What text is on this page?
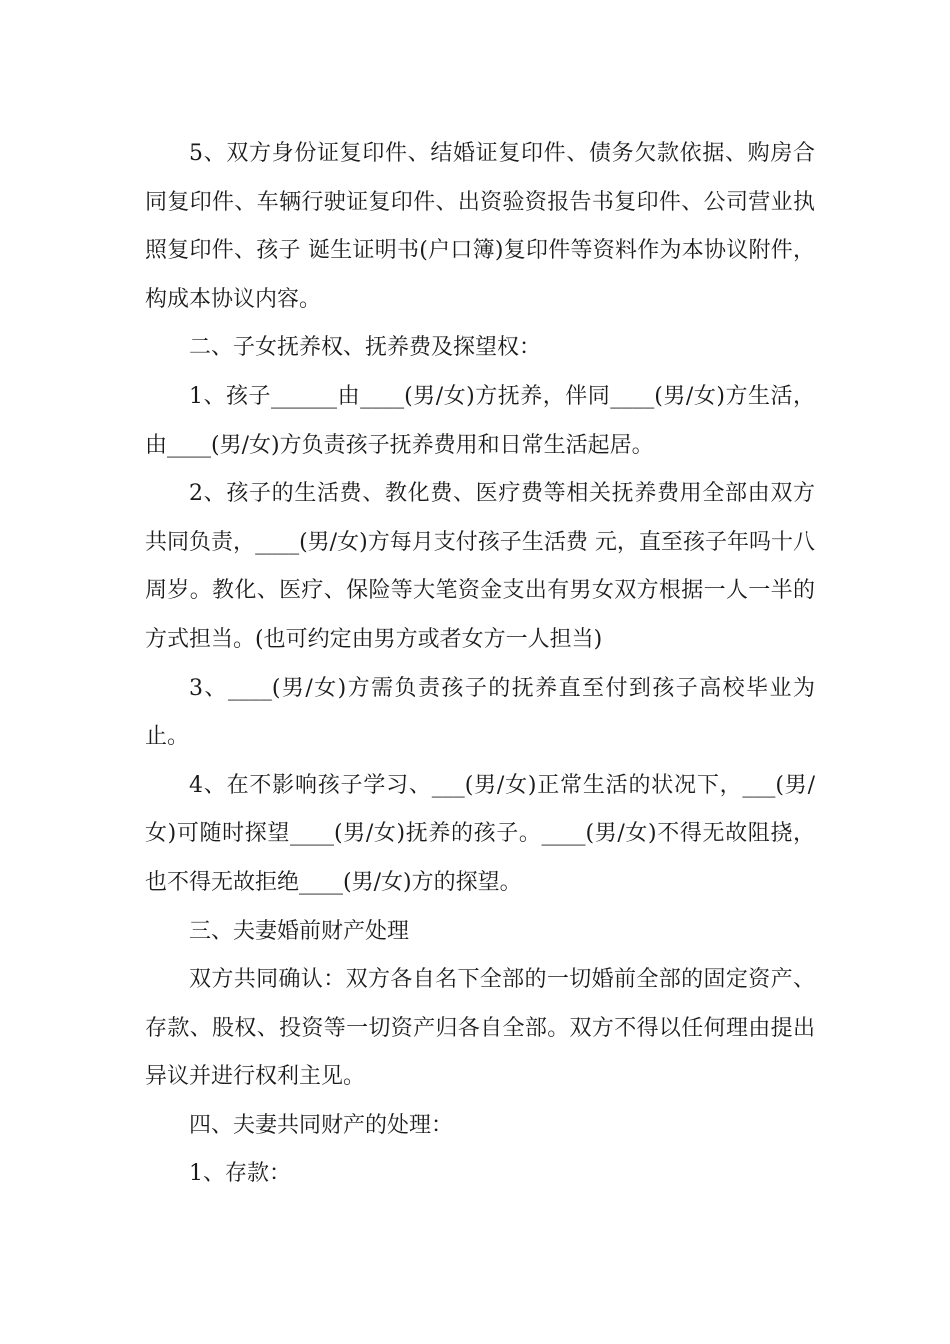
5、双方身份证复印件、结婚证复印件、债务欠款依据、购房合同复印件、车辆行驶证复印件、出资验资报告书复印件、公司营业执照复印件、孩子 诞生证明书(户口簿)复印件等资料作为本协议附件，构成本协议内容。

二、子女抚养权、抚养费及探望权：

1、孩子______由____(男/女)方抚养，伴同____(男/女)方生活，由____(男/女)方负责孩子抚养费用和日常生活起居。

2、孩子的生活费、教化费、医疗费等相关抚养费用全部由双方共同负责，____(男/女)方每月支付孩子生活费 元，直至孩子年吗十八周岁。教化、医疗、保险等大笔资金支出有男女双方根据一人一半的方式担当。(也可约定由男方或者女方一人担当)

3、____(男/女)方需负责孩子的抚养直至付到孩子高校毕业为止。

4、在不影响孩子学习、___(男/女)正常生活的状况下，___(男/女)可随时探望____(男/女)抚养的孩子。____(男/女)不得无故阻挠，也不得无故拒绝____(男/女)方的探望。

三、夫妻婚前财产处理

双方共同确认：双方各自名下全部的一切婚前全部的固定资产、存款、股权、投资等一切资产归各自全部。双方不得以任何理由提出异议并进行权利主见。

四、夫妻共同财产的处理：

1、存款：
